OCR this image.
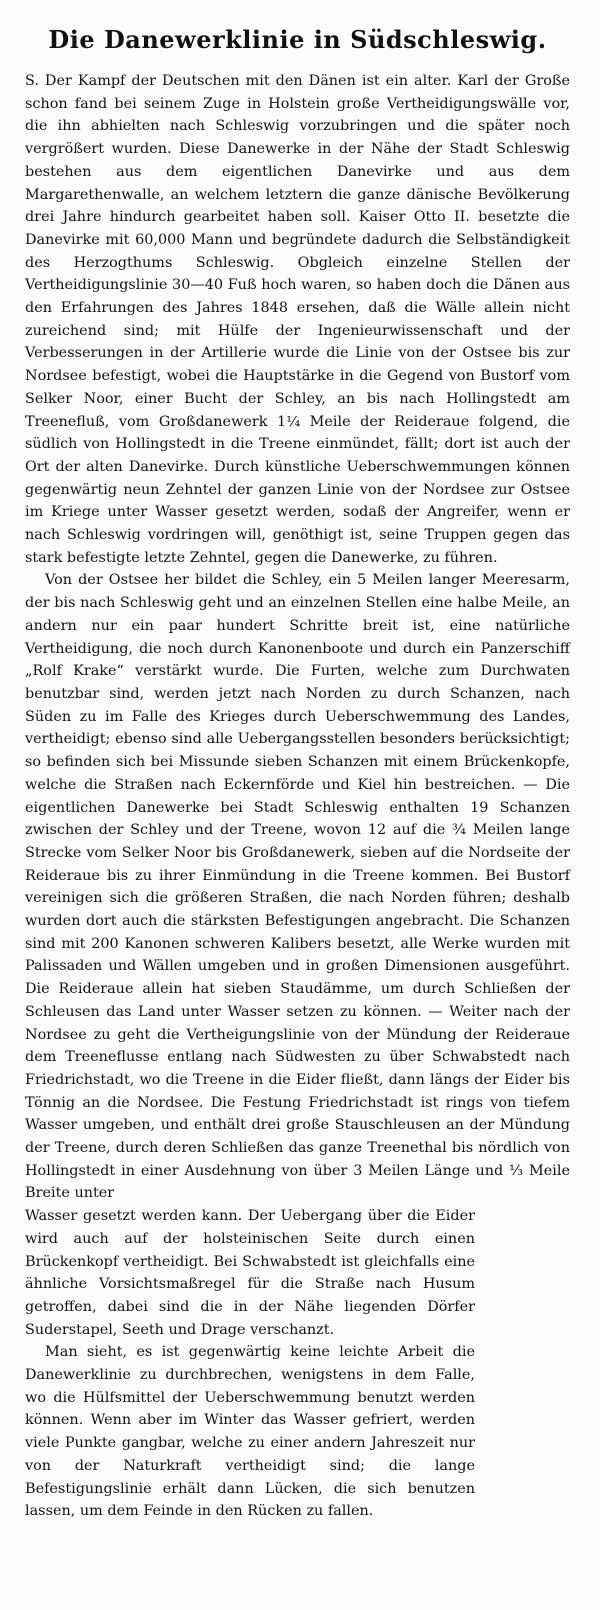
Die Danewerklinie in Südschleswig.

S. Der Kampf der Deutschen mit den Dänen ist ein alter. Karl der Große schon fand bei seinem Zuge in Holstein große Vertheidigungswälle vor, die ihn abhielten nach Schleswig vorzubringen und die später noch vergrößert wurden. Diese Danewerke in der Nähe der Stadt Schleswig bestehen aus dem eigentlichen Danevirke und aus dem Margarethenwalle, an welchem letztern die ganze dänische Bevölkerung drei Jahre hindurch gearbeitet haben soll. Kaiser Otto II. besetzte die Danevirke mit 60,000 Mann und begründete dadurch die Selbständigkeit des Herzogthums Schleswig. Obgleich einzelne Stellen der Vertheidigungslinie 30—40 Fuß hoch waren, so haben doch die Dänen aus den Erfahrungen des Jahres 1848 ersehen, daß die Wälle allein nicht zureichend sind; mit Hülfe der Ingenieurwissenschaft und der Verbesserungen in der Artillerie wurde die Linie von der Ostsee bis zur Nordsee befestigt, wobei die Hauptstärke in die Gegend von Bustorf vom Selker Noor, einer Bucht der Schley, an bis nach Hollingstedt am Treenefluß, vom Großdanewerk 1¼ Meile der Reideraue folgend, die südlich von Hollingstedt in die Treene einmündet, fällt; dort ist auch der Ort der alten Danevirke. Durch künstliche Ueberschwemmungen können gegenwärtig neun Zehntel der ganzen Linie von der Nordsee zur Ostsee im Kriege unter Wasser gesetzt werden, sodaß der Angreifer, wenn er nach Schleswig vordringen will, genöthigt ist, seine Truppen gegen das stark befestigte letzte Zehntel, gegen die Danewerke, zu führen.

Von der Ostsee her bildet die Schley, ein 5 Meilen langer Meeresarm, der bis nach Schleswig geht und an einzelnen Stellen eine halbe Meile, an andern nur ein paar hundert Schritte breit ist, eine natürliche Vertheidigung, die noch durch Kanonenboote und durch ein Panzerschiff „Rolf Krake“ verstärkt wurde. Die Furten, welche zum Durchwaten benutzbar sind, werden jetzt nach Norden zu durch Schanzen, nach Süden zu im Falle des Krieges durch Ueberschwemmung des Landes, vertheidigt; ebenso sind alle Uebergangsstellen besonders berücksichtigt; so befinden sich bei Missunde sieben Schanzen mit einem Brückenkopfe, welche die Straßen nach Eckernförde und Kiel hin bestreichen. — Die eigentlichen Danewerke bei Stadt Schleswig enthalten 19 Schanzen zwischen der Schley und der Treene, wovon 12 auf die ¾ Meilen lange Strecke vom Selker Noor bis Großdanewerk, sieben auf die Nordseite der Reideraue bis zu ihrer Einmündung in die Treene kommen. Bei Bustorf vereinigen sich die größeren Straßen, die nach Norden führen; deshalb wurden dort auch die stärksten Befestigungen angebracht. Die Schanzen sind mit 200 Kanonen schweren Kalibers besetzt, alle Werke wurden mit Palissaden und Wällen umgeben und in großen Dimensionen ausgeführt. Die Reideraue allein hat sieben Staudämme, um durch Schließen der Schleusen das Land unter Wasser setzen zu können. — Weiter nach der Nordsee zu geht die Vertheigungslinie von der Mündung der Reideraue dem Treeneflusse entlang nach Südwesten zu über Schwabstedt nach Friedrichstadt, wo die Treene in die Eider fließt, dann längs der Eider bis Tönnig an die Nordsee. Die Festung Friedrichstadt ist rings von tiefem Wasser umgeben, und enthält drei große Stauschleusen an der Mündung der Treene, durch deren Schließen das ganze Treenethal bis nördlich von Hollingstedt in einer Ausdehnung von über 3 Meilen Länge und ⅓ Meile Breite unter

Wasser gesetzt werden kann. Der Uebergang über die Eider wird auch auf der holsteinischen Seite durch einen Brückenkopf vertheidigt. Bei Schwabstedt ist gleichfalls eine ähnliche Vorsichtsmaßregel für die Straße nach Husum getroffen, dabei sind die in der Nähe liegenden Dörfer Suderstapel, Seeth und Drage verschanzt.

Man sieht, es ist gegenwärtig keine leichte Arbeit die Danewerklinie zu durchbrechen, wenigstens in dem Falle, wo die Hülfsmittel der Ueberschwemmung benutzt werden können. Wenn aber im Winter das Wasser gefriert, werden viele Punkte gangbar, welche zu einer andern Jahreszeit nur von der Naturkraft vertheidigt sind; die lange Befestigungslinie erhält dann Lücken, die sich benutzen lassen, um dem Feinde in den Rücken zu fallen.
